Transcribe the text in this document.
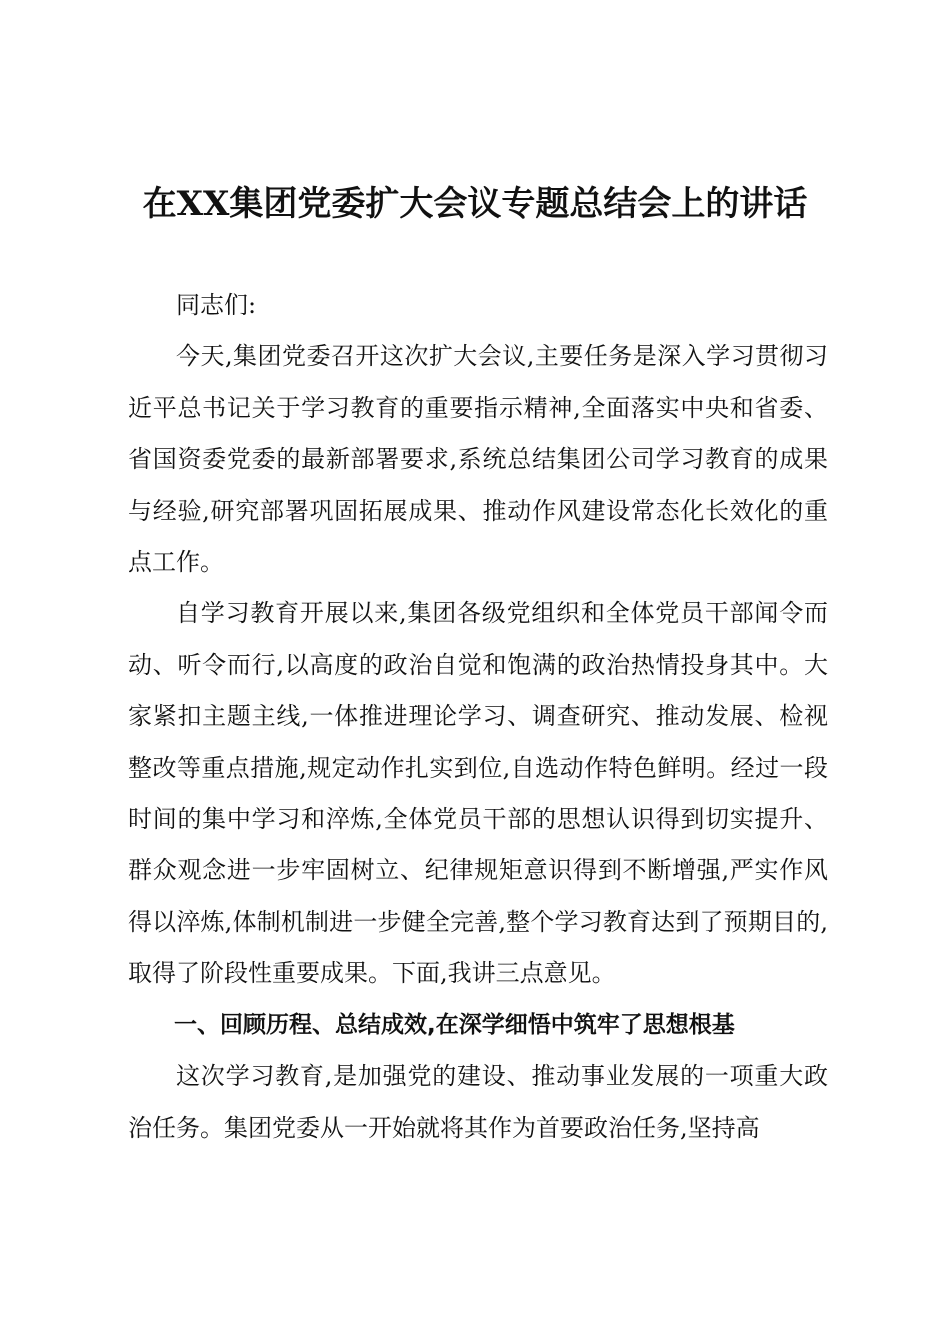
在XX集团党委扩大会议专题总结会上的讲话

同志们:

今天,集团党委召开这次扩大会议,主要任务是深入学习贯彻习近平总书记关于学习教育的重要指示精神,全面落实中央和省委、省国资委党委的最新部署要求,系统总结集团公司学习教育的成果与经验,研究部署巩固拓展成果、推动作风建设常态化长效化的重点工作。

自学习教育开展以来,集团各级党组织和全体党员干部闻令而动、听令而行,以高度的政治自觉和饱满的政治热情投身其中。大家紧扣主题主线,一体推进理论学习、调查研究、推动发展、检视整改等重点措施,规定动作扎实到位,自选动作特色鲜明。经过一段时间的集中学习和淬炼,全体党员干部的思想认识得到切实提升、群众观念进一步牢固树立、纪律规矩意识得到不断增强,严实作风得以淬炼,体制机制进一步健全完善,整个学习教育达到了预期目的,取得了阶段性重要成果。下面,我讲三点意见。

一、回顾历程、总结成效,在深学细悟中筑牢了思想根基

这次学习教育,是加强党的建设、推动事业发展的一项重大政治任务。集团党委从一开始就将其作为首要政治任务,坚持高
